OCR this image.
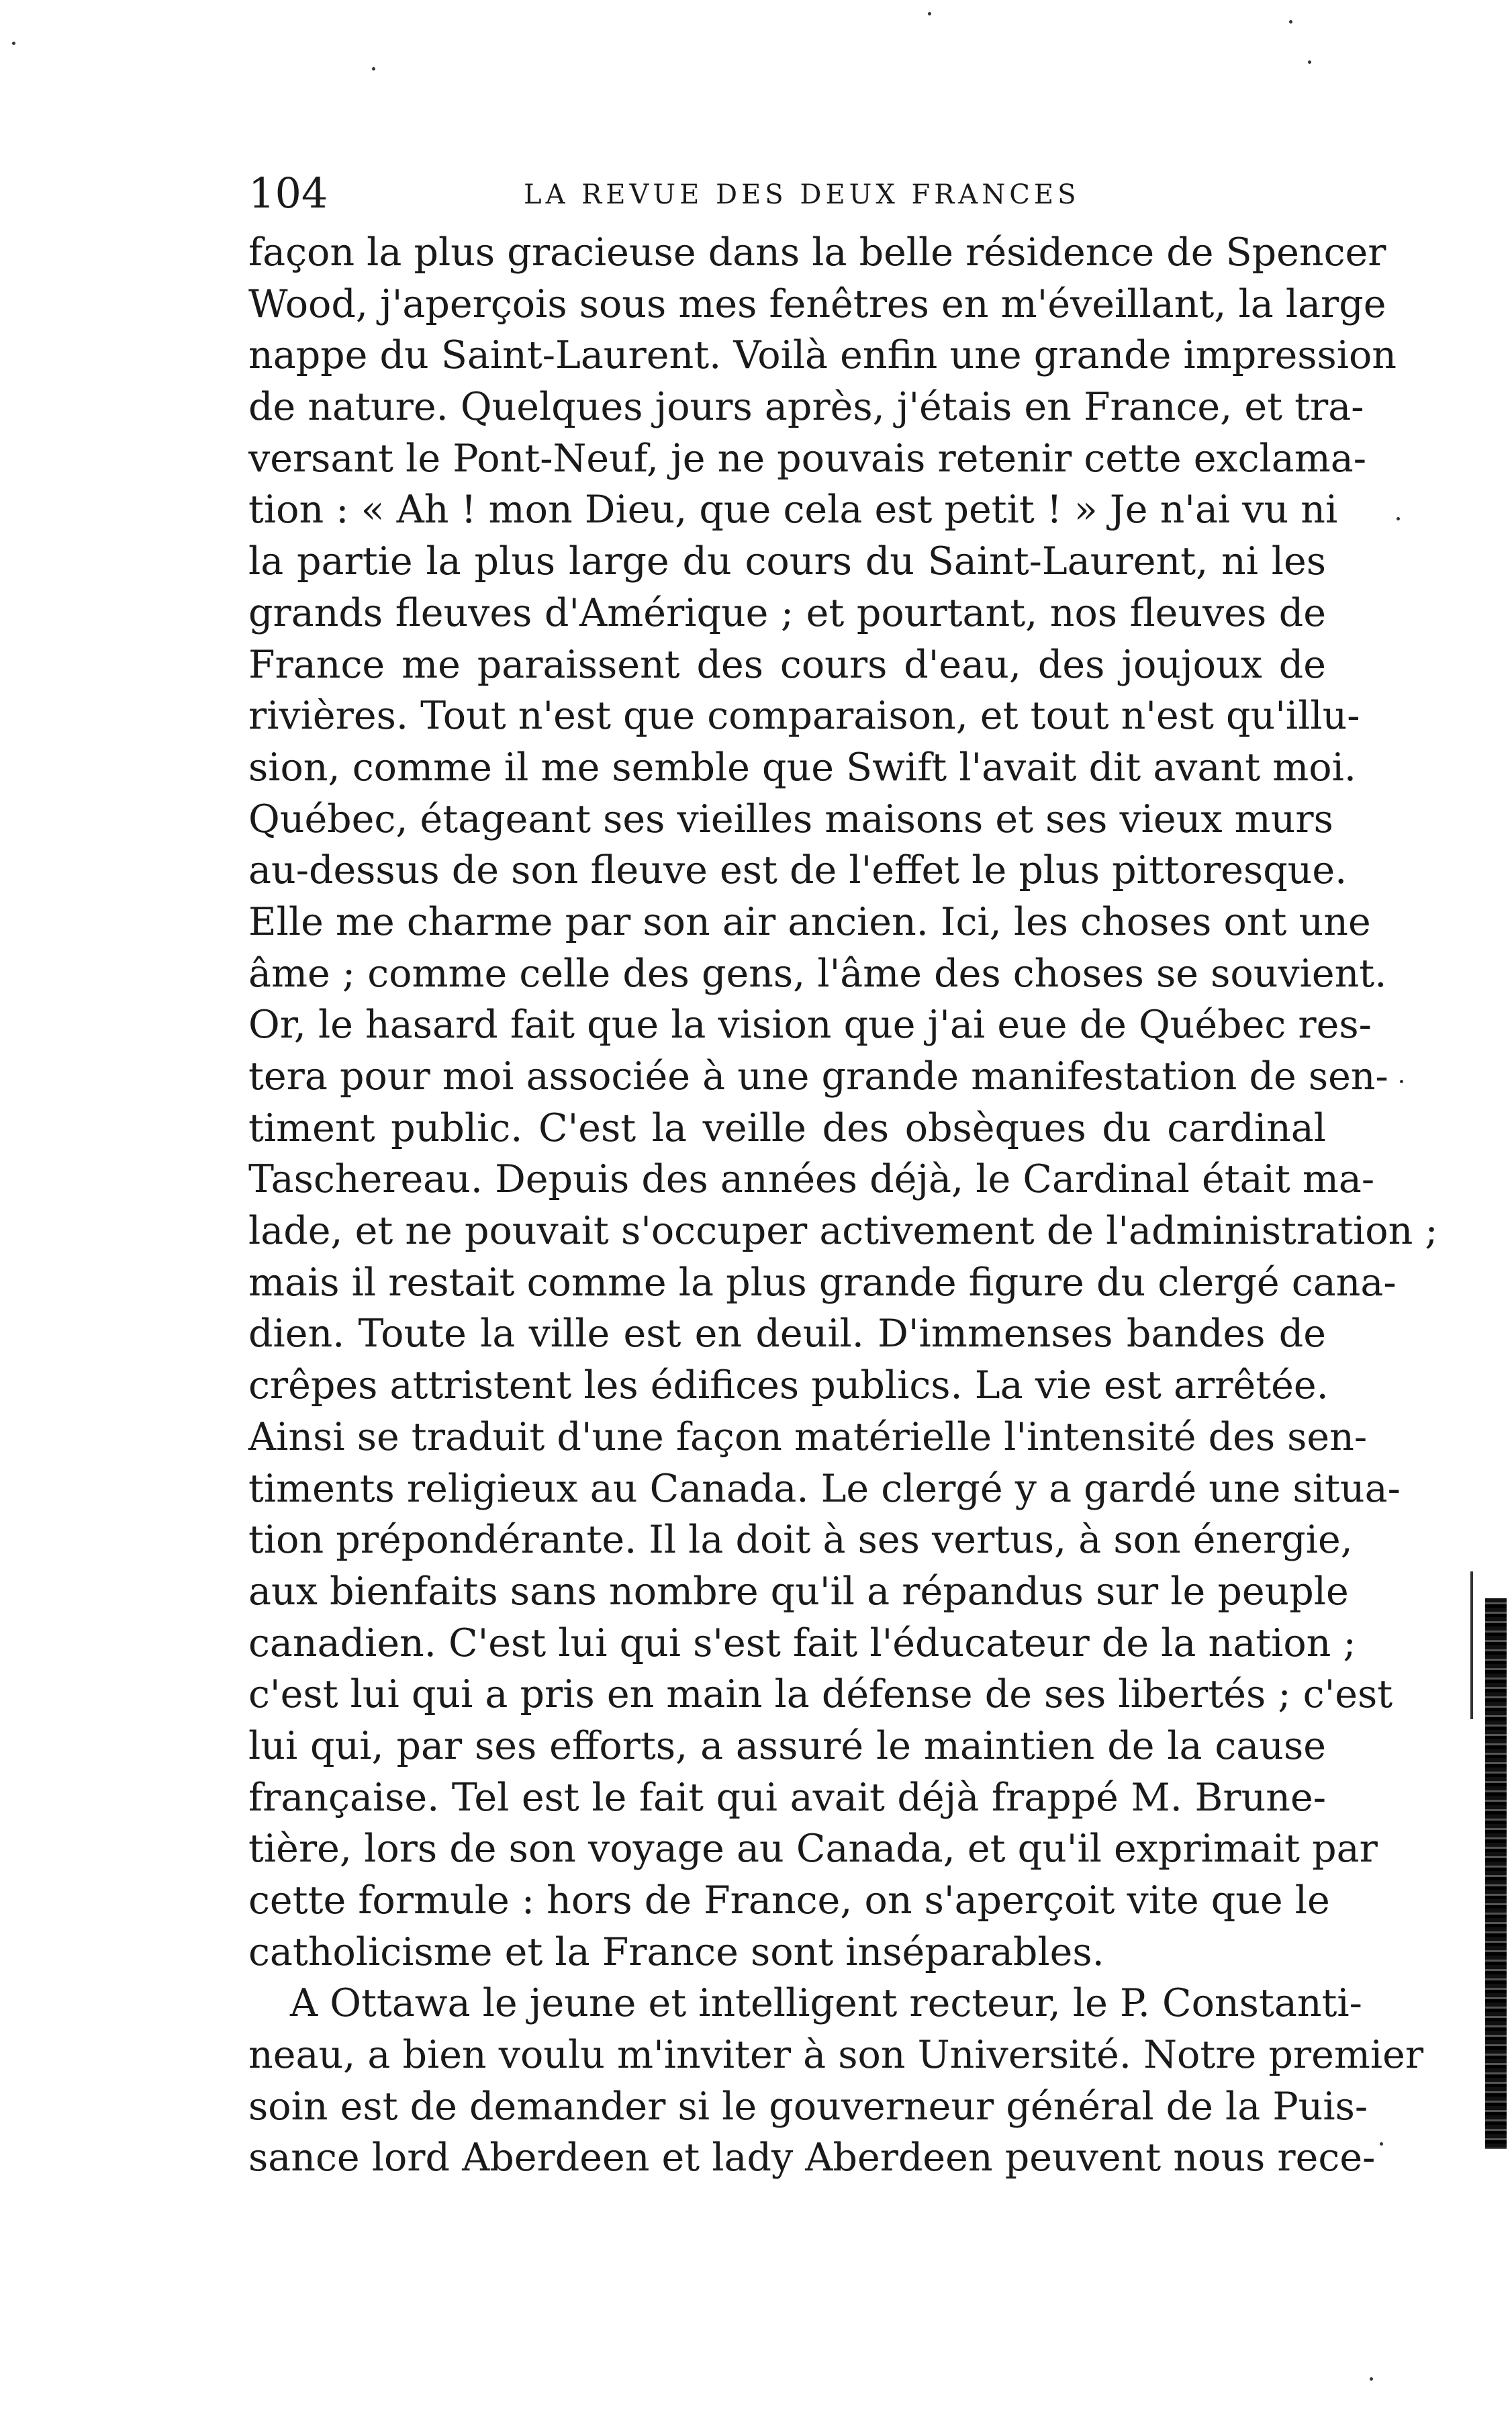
104	LA REVUE DES DEUX FRANCES
façon la plus gracieuse dans la belle résidence de Spencer
Wood, j'aperçois sous mes fenêtres en m'éveillant, la large
nappe du Saint-Laurent. Voilà enfin une grande impression
de nature. Quelques jours après, j'étais en France, et tra-
versant le Pont-Neuf, je ne pouvais retenir cette exclama-
tion : « Ah ! mon Dieu, que cela est petit ! » Je n'ai vu ni
la partie la plus large du cours du Saint-Laurent, ni les
grands fleuves d'Amérique ; et pourtant, nos fleuves de
France me paraissent des cours d'eau, des joujoux de
rivières. Tout n'est que comparaison, et tout n'est qu'illu-
sion, comme il me semble que Swift l'avait dit avant moi.
Québec, étageant ses vieilles maisons et ses vieux murs
au-dessus de son fleuve est de l'effet le plus pittoresque.
Elle me charme par son air ancien. Ici, les choses ont une
âme ; comme celle des gens, l'âme des choses se souvient.
Or, le hasard fait que la vision que j'ai eue de Québec res-
tera pour moi associée à une grande manifestation de sen-
timent public. C'est la veille des obsèques du cardinal
Taschereau. Depuis des années déjà, le Cardinal était ma-
lade, et ne pouvait s'occuper activement de l'administration ;
mais il restait comme la plus grande figure du clergé cana-
dien. Toute la ville est en deuil. D'immenses bandes de
crêpes attristent les édifices publics. La vie est arrêtée.
Ainsi se traduit d'une façon matérielle l'intensité des sen-
timents religieux au Canada. Le clergé y a gardé une situa-
tion prépondérante. Il la doit à ses vertus, à son énergie,
aux bienfaits sans nombre qu'il a répandus sur le peuple
canadien. C'est lui qui s'est fait l'éducateur de la nation ;
c'est lui qui a pris en main la défense de ses libertés ; c'est
lui qui, par ses efforts, a assuré le maintien de la cause
française. Tel est le fait qui avait déjà frappé M. Brune-
tière, lors de son voyage au Canada, et qu'il exprimait par
cette formule : hors de France, on s'aperçoit vite que le
catholicisme et la France sont inséparables.
A Ottawa le jeune et intelligent recteur, le P. Constanti-
neau, a bien voulu m'inviter à son Université. Notre premier
soin est de demander si le gouverneur général de la Puis-
sance lord Aberdeen et lady Aberdeen peuvent nous rece-
